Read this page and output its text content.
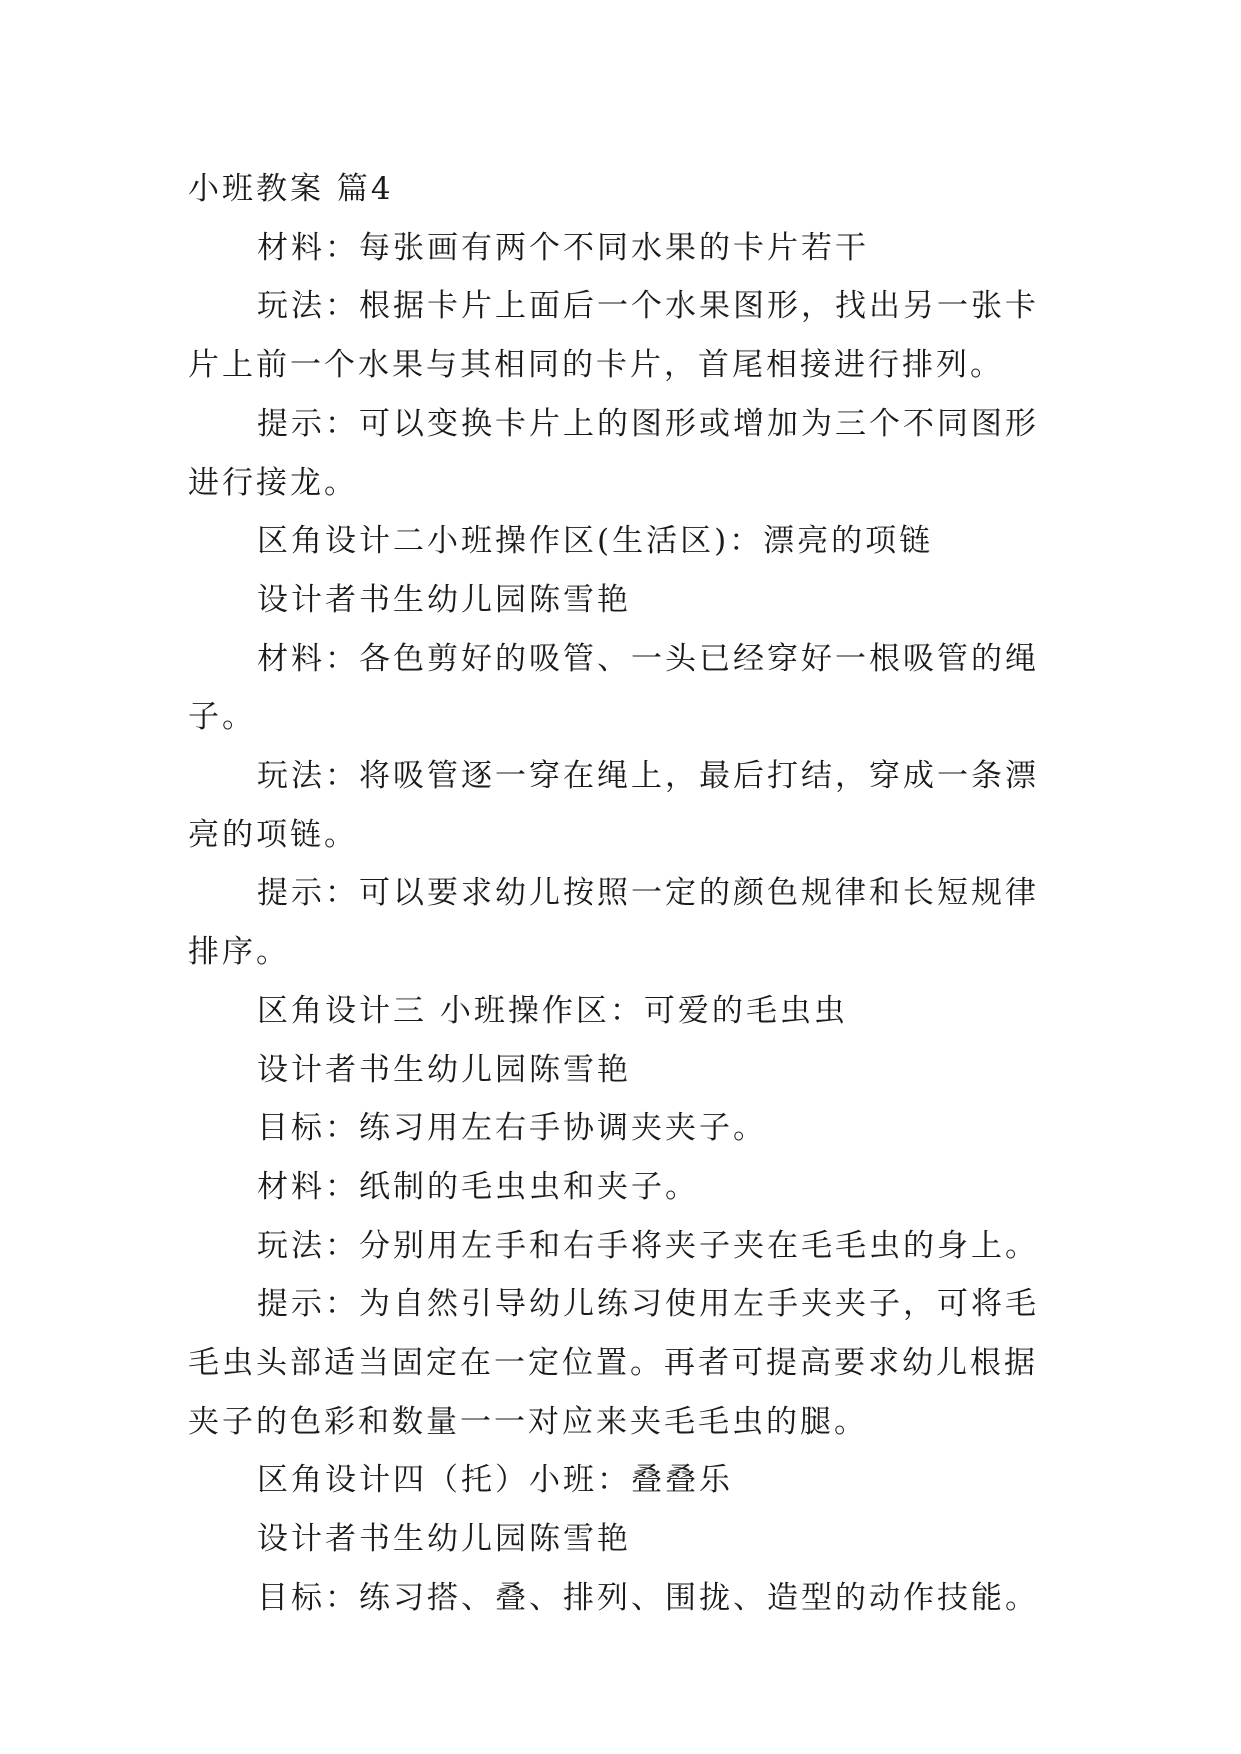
小班教案 篇4

材料：每张画有两个不同水果的卡片若干

玩法：根据卡片上面后一个水果图形，找出另一张卡片上前一个水果与其相同的卡片，首尾相接进行排列。

提示：可以变换卡片上的图形或增加为三个不同图形进行接龙。

区角设计二小班操作区(生活区)：漂亮的项链

设计者书生幼儿园陈雪艳

材料：各色剪好的吸管、一头已经穿好一根吸管的绳子。

玩法：将吸管逐一穿在绳上，最后打结，穿成一条漂亮的项链。

提示：可以要求幼儿按照一定的颜色规律和长短规律排序。

区角设计三 小班操作区：可爱的毛虫虫

设计者书生幼儿园陈雪艳

目标：练习用左右手协调夹夹子。

材料：纸制的毛虫虫和夹子。

玩法：分别用左手和右手将夹子夹在毛毛虫的身上。

提示：为自然引导幼儿练习使用左手夹夹子，可将毛毛虫头部适当固定在一定位置。再者可提高要求幼儿根据夹子的色彩和数量一一对应来夹毛毛虫的腿。

区角设计四（托）小班：叠叠乐

设计者书生幼儿园陈雪艳

目标：练习搭、叠、排列、围拢、造型的动作技能。
